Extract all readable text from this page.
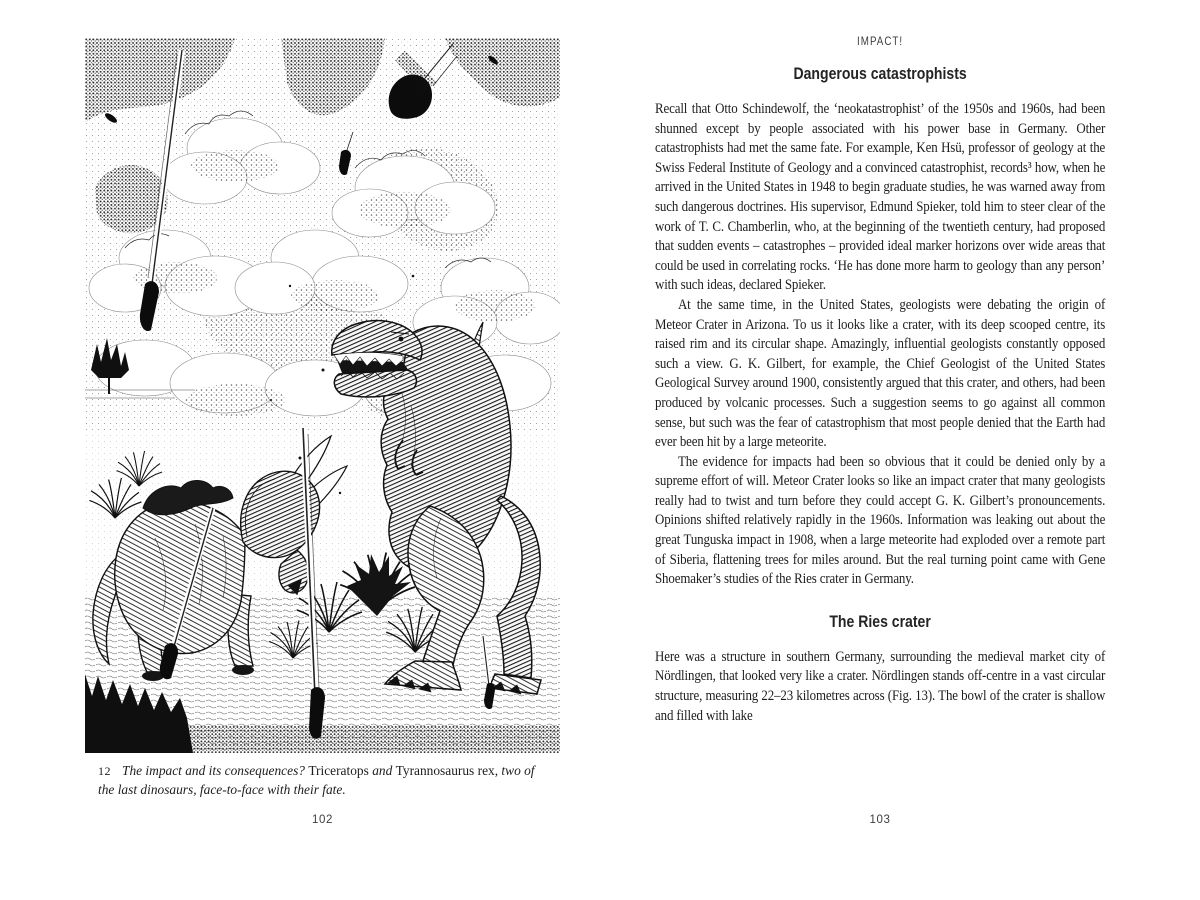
12 The impact and its consequences? Triceratops and Tyrannosaurus rex, two of the last dinosaurs, face-to-face with their fate.
102
IMPACT!
Dangerous catastrophists

Recall that Otto Schindewolf, the ‘neokatastrophist’ of the 1950s and 1960s, had been shunned except by people associated with his power base in Germany. Other catastrophists had met the same fate. For example, Ken Hsü, professor of geology at the Swiss Federal Institute of Geology and a convinced catastrophist, records³ how, when he arrived in the United States in 1948 to begin graduate studies, he was warned away from such dangerous doctrines. His supervisor, Edmund Spieker, told him to steer clear of the work of T. C. Chamberlin, who, at the beginning of the twentieth century, had proposed that sudden events – catastrophes – provided ideal marker horizons over wide areas that could be used in correlating rocks. ‘He has done more harm to geology than any person’ with such ideas, declared Spieker.

At the same time, in the United States, geologists were debating the origin of Meteor Crater in Arizona. To us it looks like a crater, with its deep scooped centre, its raised rim and its circular shape. Amazingly, influential geologists constantly opposed such a view. G. K. Gilbert, for example, the Chief Geologist of the United States Geological Survey around 1900, consistently argued that this crater, and others, had been produced by volcanic processes. Such a suggestion seems to go against all common sense, but such was the fear of catastrophism that most people denied that the Earth had ever been hit by a large meteorite.

The evidence for impacts had been so obvious that it could be denied only by a supreme effort of will. Meteor Crater looks so like an impact crater that many geologists really had to twist and turn before they could accept G. K. Gilbert’s pronouncements. Opinions shifted relatively rapidly in the 1960s. Information was leaking out about the great Tunguska impact in 1908, when a large meteorite had exploded over a remote part of Siberia, flattening trees for miles around. But the real turning point came with Gene Shoemaker’s studies of the Ries crater in Germany.

The Ries crater

Here was a structure in southern Germany, surrounding the medieval market city of Nördlingen, that looked very like a crater. Nördlingen stands off-centre in a vast circular structure, measuring 22–23 kilometres across (Fig. 13). The bowl of the crater is shallow and filled with lake

103
